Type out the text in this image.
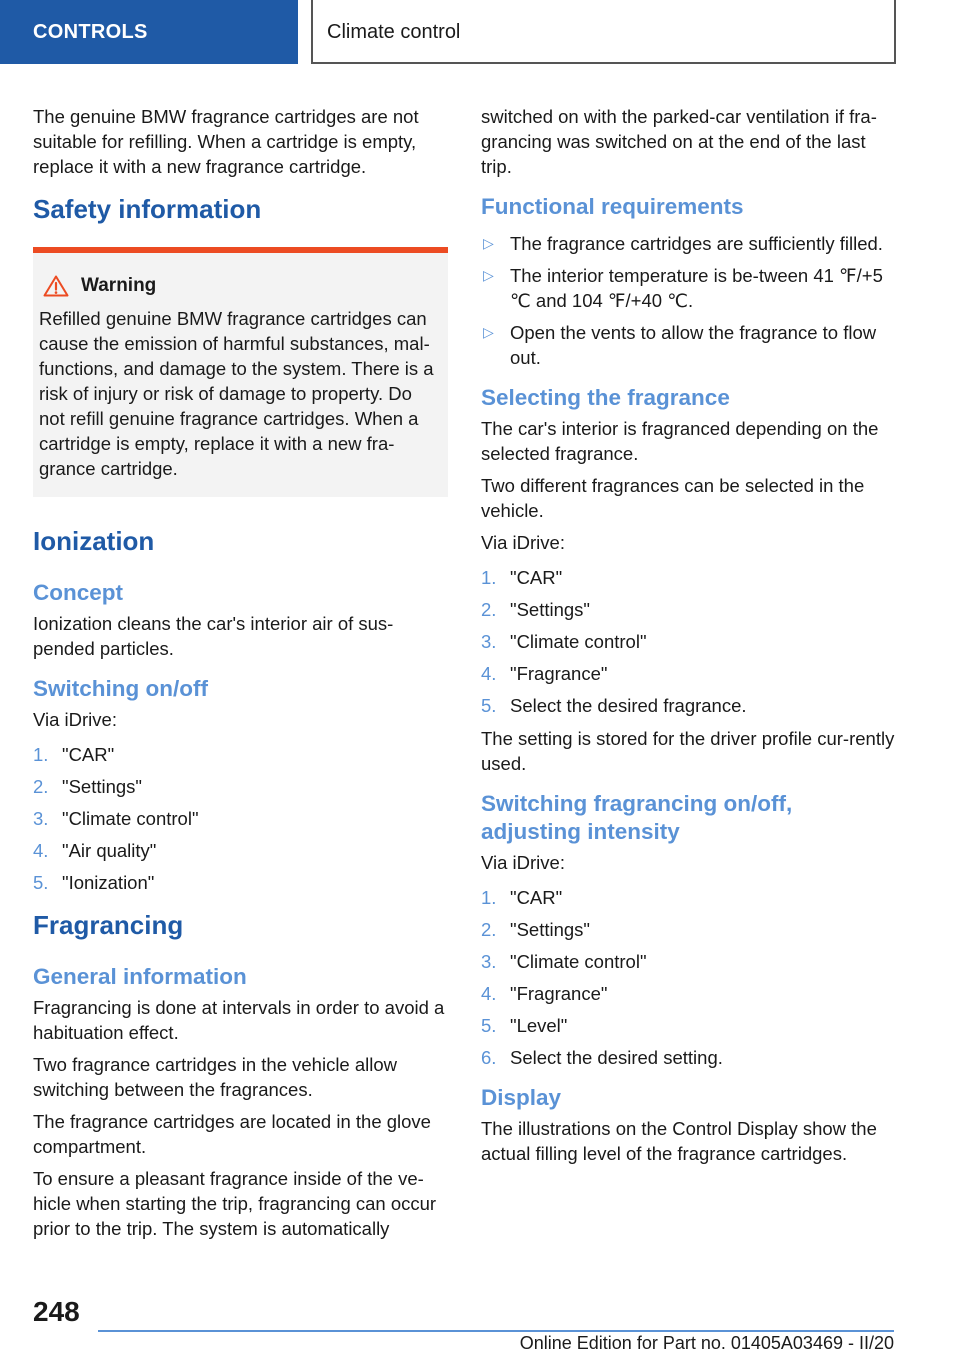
CONTROLS	Climate control

The genuine BMW fragrance cartridges are not suitable for refilling. When a cartridge is empty, replace it with a new fragrance cartridge.

Safety information
Warning

Refilled genuine BMW fragrance cartridges can cause the emission of harmful substances, mal-functions, and damage to the system. There is a risk of injury or risk of damage to property. Do not refill genuine fragrance cartridges. When a cartridge is empty, replace it with a new fra-grance cartridge.

Ionization
Concept

Ionization cleans the car's interior air of sus-pended particles.

Switching on/off

Via iDrive:

1. "CAR"
2. "Settings"
3. "Climate control"
4. "Air quality"
5. "Ionization"
Fragrancing
General information

Fragrancing is done at intervals in order to avoid a habituation effect.

Two fragrance cartridges in the vehicle allow switching between the fragrances.

The fragrance cartridges are located in the glove compartment.

To ensure a pleasant fragrance inside of the ve-hicle when starting the trip, fragrancing can occur prior to the trip. The system is automatically

switched on with the parked-car ventilation if fra-grancing was switched on at the end of the last trip.

Functional requirements
▷ The fragrance cartridges are sufficiently filled.
▷ The interior temperature is be-tween 41 ℉/+5 ℃ and 104 ℉/+40 ℃.
▷ Open the vents to allow the fragrance to flow out.
Selecting the fragrance

The car's interior is fragranced depending on the selected fragrance.

Two different fragrances can be selected in the vehicle.

Via iDrive:

1. "CAR"
2. "Settings"
3. "Climate control"
4. "Fragrance"
5. Select the desired fragrance.

The setting is stored for the driver profile cur-rently used.

Switching fragrancing on/off, adjusting intensity

Via iDrive:

1. "CAR"
2. "Settings"
3. "Climate control"
4. "Fragrance"
5. "Level"
6. Select the desired setting.
Display

The illustrations on the Control Display show the actual filling level of the fragrance cartridges.

248
Online Edition for Part no. 01405A03469 - II/20
